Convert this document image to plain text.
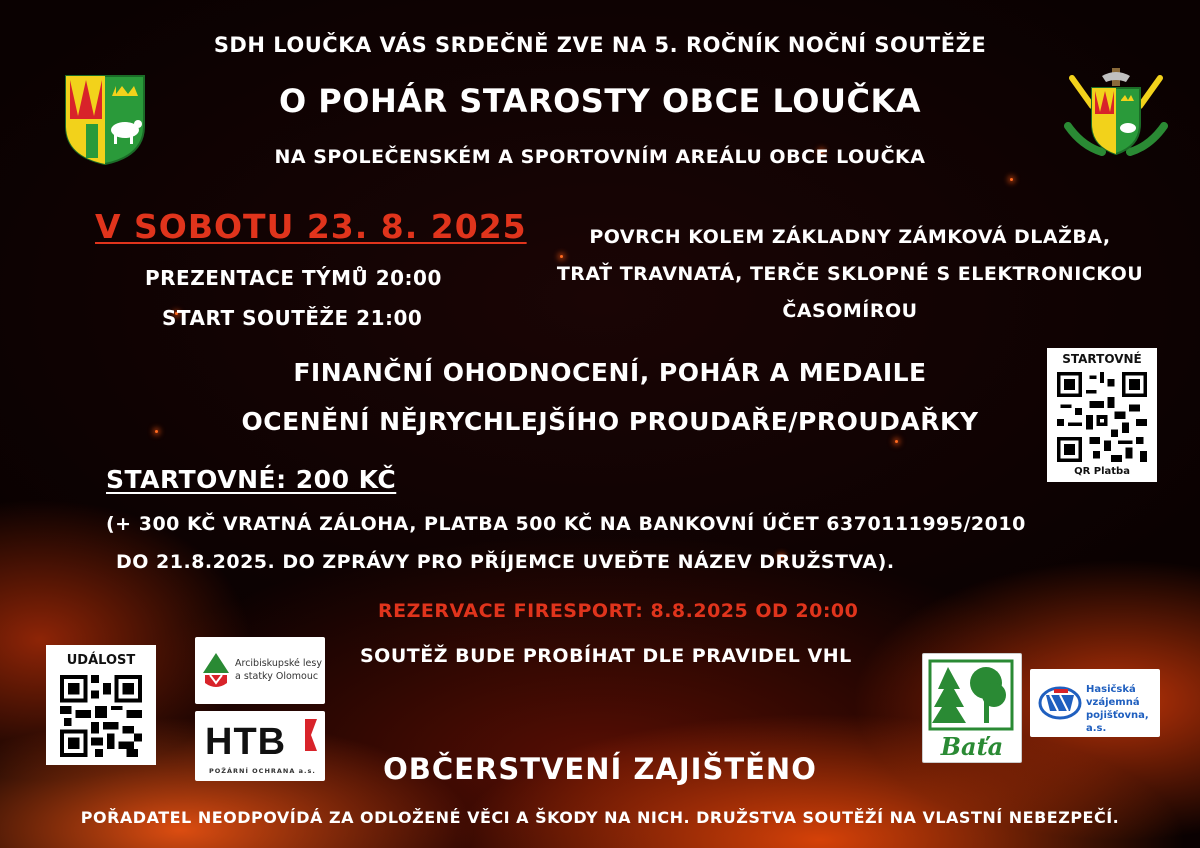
SDH LOUČKA VÁS SRDEČNĚ ZVE NA 5. ROČNÍK NOČNÍ SOUTĚŽE
O POHÁR STAROSTY OBCE LOUČKA
NA SPOLEČENSKÉM A SPORTOVNÍM AREÁLU OBCE LOUČKA
V SOBOTU 23. 8. 2025
PREZENTACE TÝMŮ 20:00
START SOUTĚŽE 21:00
POVRCH KOLEM ZÁKLADNY ZÁMKOVÁ DLAŽBA,
TRAŤ TRAVNATÁ, TERČE SKLOPNÉ S ELEKTRONICKOU
ČASOMÍROU
FINANČNÍ OHODNOCENÍ, POHÁR A MEDAILE
OCENĚNÍ NĚJRYCHLEJŠÍHO PROUDAŘE/PROUDAŘKY
STARTOVNÉ
QR Platba
STARTOVNÉ: 200 KČ
(+ 300 KČ VRATNÁ ZÁLOHA, PLATBA 500 KČ NA BANKOVNÍ ÚČET 6370111995/2010
DO 21.8.2025. DO ZPRÁVY PRO PŘÍJEMCE UVEĎTE NÁZEV DRUŽSTVA).
REZERVACE FIRESPORT: 8.8.2025 OD 20:00
SOUTĚŽ BUDE PROBÍHAT DLE PRAVIDEL VHL
UDÁLOST	Arcibiskupské lesy
a statky Olomouc
HTB
POŽÁRNÍ OCHRANA a.s.
Baťa
Hasičská
vzájemná
pojišťovna, a.s.
OBČERSTVENÍ ZAJIŠTĚNO
POŘADATEL NEODPOVÍDÁ ZA ODLOŽENÉ VĚCI A ŠKODY NA NICH. DRUŽSTVA SOUTĚŽÍ NA VLASTNÍ NEBEZPEČÍ.
